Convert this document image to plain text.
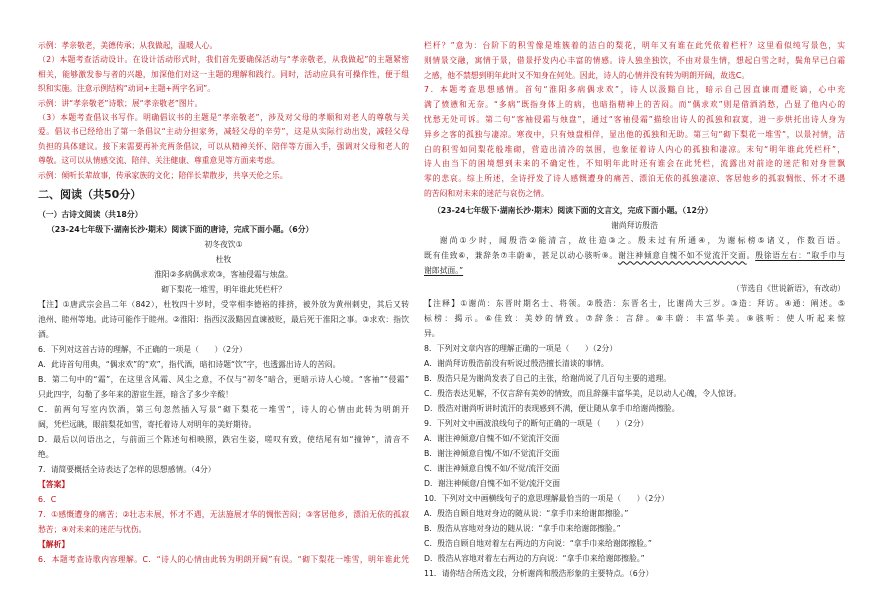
示例：孝亲敬老，美德传承；从我做起，温暖人心。
（2）本题考查活动设计。在设计活动形式时，我们首先要确保活动与“孝亲敬老，从我做起”的主题紧密
相关，能够激发参与者的兴趣，加深他们对这一主题的理解和践行。同时，活动应具有可操作性，便于组
织和实施。注意示例结构“动词+主题+两字名词”。
示例：讲“孝亲敬老”诗歌；展“孝亲敬老”图片。
（3）本题考查倡议书写作。明确倡议书的主题是“孝亲敬老”，涉及对父母的孝顺和对老人的尊敬与关
爱。倡议书已经给出了第一条倡议“主动分担家务，减轻父母的辛劳”，这是从实际行动出发，减轻父母
负担的具体建议。接下来需要再补充两条倡议，可以从精神关怀、陪伴等方面入手，强调对父母和老人的
尊敬。这可以从情感交流、陪伴、关注健康、尊重意见等方面来考虑。
示例：倾听长辈故事，传承家族的文化；陪伴长辈散步，共享天伦之乐。
二、阅读（共50分）
（一）古诗文阅读（共18分）
（23-24七年级下·湖南长沙·期末）阅读下面的唐诗，完成下面小题。（6分）
初冬夜饮①
杜牧
淮阳②多病偶求欢③，客袖侵霜与烛盘。
砌下梨花一堆雪，明年谁此凭栏杆？
【注】①唐武宗会昌二年（842），杜牧四十岁时，受宰相李德裕的排挤，被外放为黄州刺史，其后又转
池州、睦州等地。此诗可能作于睦州。②淮阳：指西汉汲黯因直谏被贬，最后死于淮阳之事。③求欢：指饮
酒。
6．下列对这首古诗的理解，不正确的一项是（　　）（2分）
A．此诗首句用典，“偶求欢”的“欢”，指代酒，暗扣诗题“饮”字，也透露出诗人的苦闷。
B．第二句中的“霜”，在这里含风霜、风尘之意，不仅与“初冬”暗合，更暗示诗人心境。“客袖”“侵霜”
只此四字，勾勒了多年来的游宦生涯，暗含了多少辛酸！
C．前两句写室内饮酒，第三句忽然插入写景“砌下梨花一堆雪”，诗人的心情由此转为明朗开
阔，凭栏远眺，眼前梨花如雪，寄托着诗人对明年的美好期待。
D．最后以问语出之，与前面三个陈述句相映照，跌宕生姿，嗟叹有致，使结尾有如“撞钟”，清音不
绝。
7．请简要概括全诗表达了怎样的思想感情。（4分）
【答案】
6．C
7．①感慨遭身的痛苦；②壮志未展，怀才不遇，无法施展才华的惆怅苦闷；③客居他乡，漂泊无依的孤寂
愁苦；④对未来的迷茫与忧伤。
【解析】
6．本题考查诗歌内容理解。C．“诗人的心情由此转为明朗开阔”有误。“砌下梨花一堆雪，明年谁此凭
栏杆？”意为：台阶下的积雪像是堆簇着的洁白的梨花，明年又有谁在此凭依着栏杆？这里看似纯写景色，实
则情景交融，寓情于景，借景抒发内心丰富的情感。诗人独坐独饮，不由对景生情，想起白雪之时，鬓角早已白霜
之感，他不禁想到明年此时又不知身在何处。因此，诗人的心情并没有转为明朗开阔，故选C。
7．本题考查思想感情。首句“淮阳多病偶求欢”，诗人以汲黯自比，暗示自己因直谏而遭贬谪，心中充
满了愤懑和无奈。“多病”既指身体上的病，也暗指精神上的苦闷。而“偶求欢”则是借酒消愁，凸显了他内心的
忧愁无处可诉。第二句“客袖侵霜与烛盘”，通过“客袖侵霜”描绘出诗人的孤独和寂寞，进一步烘托出诗人身为
异乡之客的孤独与凄凉。寒夜中，只有烛盘相伴，显出他的孤独和无助。第三句“砌下梨花一堆雪”，以景衬情，洁
白的积雪如同梨花般堆砌，营造出清冷的氛围，也象征着诗人内心的孤独和凄凉。末句“明年谁此凭栏杆”，
诗人由当下的困境想到未来的不确定性，不知明年此时还有谁会在此凭栏，流露出对前途的迷茫和对身世飘
零的悲哀。综上所述，全诗抒发了诗人感慨遭身的痛苦、漂泊无依的孤独凄凉、客居他乡的孤寂惆怅、怀才不遇
的苦闷和对未来的迷茫与哀伤之情。
（23-24七年级下·湖南长沙·期末）阅读下面的文言文，完成下面小题。（12分）
谢尚拜访殷浩
谢尚①少时，闻殷浩②能清言，故往造③之。殷未过有所通④，为谢标榜⑤诸义，作数百语。
既有佳致⑥，兼辞条⑦丰蔚⑧，甚足以动心骇听⑨。谢注神倾意自愧不如不觉流汗交面。殷徐语左右：“取手巾与
谢郎拭面。”
（节选自《世说新语》，有改动）
【注释】①谢尚：东晋时期名士、将领。②殷浩：东晋名士，比谢尚大三岁。③造：拜访。④通：阐述。⑤
标榜：揭示。⑥佳致：美妙的情致。⑦辞条：言辞。⑧丰蔚：丰富华美。⑨骇听：使人听起来惊
异。
8．下列对文章内容的理解正确的一项是（　　）（2分）
A．谢尚拜访殷浩前没有听说过殷浩擅长清谈的事情。
B．殷浩只是为谢尚发表了自己的主张，给谢尚说了几百句主要的道理。
C．殷浩表达见解，不仅言辞有美妙的情致，而且辞藻丰富华美，足以动人心魄，令人惊讶。
D．殷浩对谢尚听讲时流汗的表现感到不满，便让随从拿手巾给谢尚擦脸。
9．下列对文中画波浪线句子的断句正确的一项是（　　）（2分）
A．谢注神倾意/自愧不如/不觉流汗交面
B．谢注神倾意自愧/不如/不觉流汗交面
C．谢注神倾意自愧不如/不觉/流汗交面
D．谢注神倾意/自愧不如不觉/流汗交面
10．下列对文中画横线句子的意思理解最恰当的一项是（　　）（2分）
A．殷浩自顾自地对身边的随从说：“拿手巾来给谢郎擦脸。”
B．殷浩从容地对身边的随从说：“拿手巾来给谢郎擦脸。”
C．殷浩自顾自地对着左右两边的方向说：“拿手巾来给谢郎擦脸。”
D．殷浩从容地对着左右两边的方向说：“拿手巾来给谢郎擦脸。”
11．请你结合所选文段，分析谢尚和殷浩形象的主要特点。（6分）
